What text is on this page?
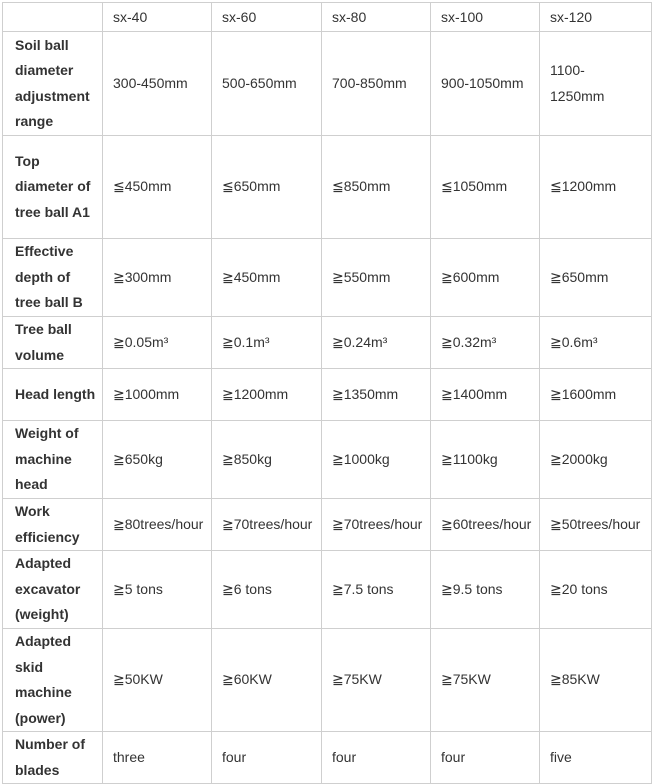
	sx-40	sx-60	sx-80	sx-100	sx-120
Soil ball diameter adjustment range	300-450mm	500-650mm	700-850mm	900-1050mm	1100-1250mm
Top diameter of tree ball A1	≦450mm	≦650mm	≦850mm	≦1050mm	≦1200mm
Effective depth of tree ball B	≧300mm	≧450mm	≧550mm	≧600mm	≧650mm
Tree ball volume	≧0.05m³	≧0.1m³	≧0.24m³	≧0.32m³	≧0.6m³
Head length	≧1000mm	≧1200mm	≧1350mm	≧1400mm	≧1600mm
Weight of machine head	≧650kg	≧850kg	≧1000kg	≧1100kg	≧2000kg
Work efficiency	≧80trees/hour	≧70trees/hour	≧70trees/hour	≧60trees/hour	≧50trees/hour
Adapted excavator (weight)	≧5 tons	≧6 tons	≧7.5 tons	≧9.5 tons	≧20 tons
Adapted skid machine (power)	≧50KW	≧60KW	≧75KW	≧75KW	≧85KW
Number of blades	three	four	four	four	five
